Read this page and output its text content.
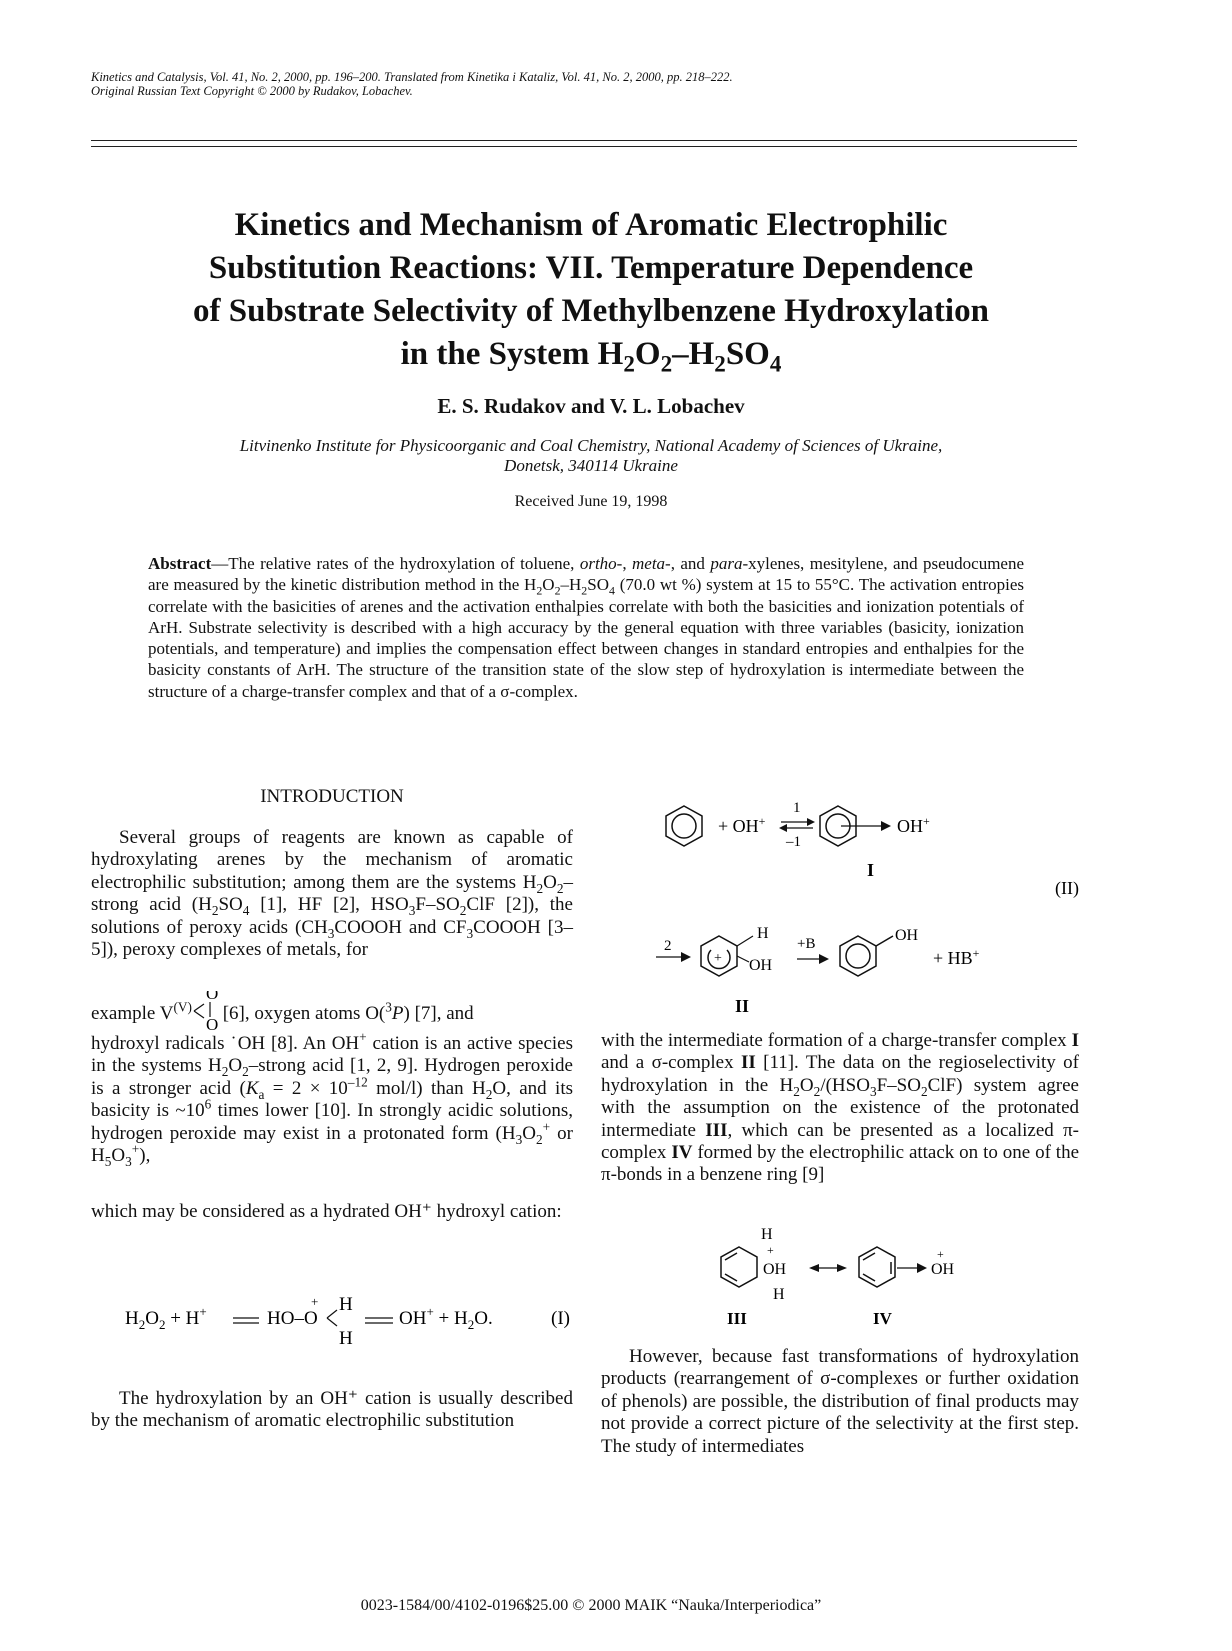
Kinetics and Catalysis, Vol. 41, No. 2, 2000, pp. 196–200. Translated from Kinetika i Kataliz, Vol. 41, No. 2, 2000, pp. 218–222.
Original Russian Text Copyright © 2000 by Rudakov, Lobachev.
Kinetics and Mechanism of Aromatic Electrophilic
Substitution Reactions: VII. Temperature Dependence
of Substrate Selectivity of Methylbenzene Hydroxylation
in the System $H_2O_2-H_2SO_4$
E. S. Rudakov and V. L. Lobachev
Litvinenko Institute for Physicoorganic and Coal Chemistry, National Academy of Sciences of Ukraine,
Donetsk, 340114 Ukraine
Received June 19, 1998
Abstract—The relative rates of the hydroxylation of toluene, ortho-, meta-, and para-xylenes, mesitylene, and pseudocumene are measured by the kinetic distribution method in the $H_2O_2-H_2SO_4$ (70.0 wt %) system at 15 to 55°C. The activation entropies correlate with the basicities of arenes and the activation enthalpies correlate with both the basicities and ionization potentials of ArH. Substrate selectivity is described with a high accuracy by the general equation with three variables (basicity, ionization potentials, and temperature) and implies the compensation effect between changes in standard entropies and enthalpies for the basicity constants of ArH. The structure of the transition state of the slow step of hydroxylation is intermediate between the structure of a charge-transfer complex and that of a σ-complex.
INTRODUCTION
Several groups of reagents are known as capable of hydroxylating arenes by the mechanism of aromatic electrophilic substitution; among them are the systems $H_2O_2$–strong acid ($H_2SO_4$ [1], HF [2], $HSO_3F-SO_2ClF$ [2]), the solutions of peroxy acids ($CH_3COOOH$ and $CF_3COOOH$ [3–5]), peroxy complexes of metals, for
example $V^{(V)}$
O
O
[6], oxygen atoms O($^3$P) [7], and
hydroxyl radicals ˙OH [8]. An OH+ cation is an active species in the systems $H_2O_2$–strong acid [1, 2, 9]. Hydrogen peroxide is a stronger acid ($K_a = 2 \times 10^{-12}$ mol/l) than $H_2O$, and its basicity is $\sim 10^6$ times lower [10]. In strongly acidic solutions, hydrogen peroxide may exist in a protonated form ($H_3O_2^+$ or $H_5O_3^+$),
which may be considered as a hydrated OH⁺ hydroxyl cation:
$H_2O_2 + H^+$	HO–O
+ H
H
$OH^+ + H_2O$.	(I)
The hydroxylation by an OH⁺ cation is usually described by the mechanism of aromatic electrophilic substitution
+ OH+
1
–1
OH+
I
(II)
2
+
H
OH
+B	OH
+ HB+
II
with the intermediate formation of a charge-transfer complex I and a σ-complex II [11]. The data on the regioselectivity of hydroxylation in the $H_2O_2/(HSO_3F-SO_2ClF)$ system agree with the assumption on the existence of the protonated intermediate III, which can be presented as a localized π-complex IV formed by the electrophilic attack on to one of the π-bonds in a benzene ring [9]
H
+
OH
H
III
+
OH
IV
However, because fast transformations of hydroxylation products (rearrangement of σ-complexes or further oxidation of phenols) are possible, the distribution of final products may not provide a correct picture of the selectivity at the first step. The study of intermediates
0023-1584/00/4102-0196$25.00 © 2000 MAIK “Nauka/Interperiodica”
